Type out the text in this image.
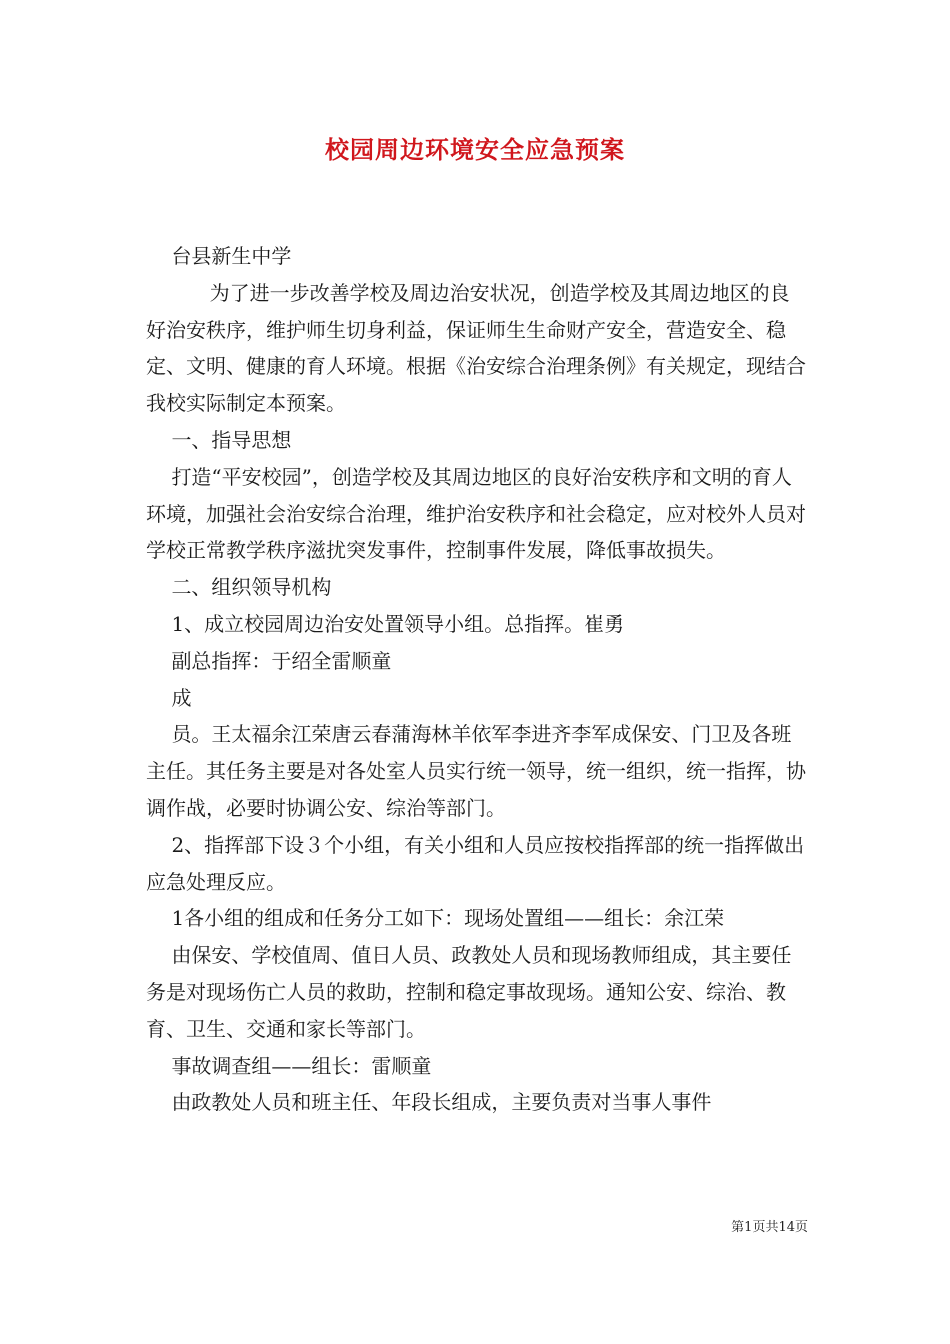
校园周边环境安全应急预案

台县新生中学

为了进一步改善学校及周边治安状况，创造学校及其周边地区的良好治安秩序，维护师生切身利益，保证师生生命财产安全，营造安全、稳定、文明、健康的育人环境。根据《治安综合治理条例》有关规定，现结合我校实际制定本预案。

一、指导思想

打造“平安校园”，创造学校及其周边地区的良好治安秩序和文明的育人环境，加强社会治安综合治理，维护治安秩序和社会稳定，应对校外人员对学校正常教学秩序滋扰突发事件，控制事件发展，降低事故损失。

二、组织领导机构

1、成立校园周边治安处置领导小组。总指挥。崔勇

副总指挥：于绍全雷顺童

成

员。王太福余江荣唐云春蒲海林羊依军李进齐李军成保安、门卫及各班主任。其任务主要是对各处室人员实行统一领导，统一组织，统一指挥，协调作战，必要时协调公安、综治等部门。

2、指挥部下设３个小组，有关小组和人员应按校指挥部的统一指挥做出应急处理反应。

1各小组的组成和任务分工如下：现场处置组——组长：余江荣

由保安、学校值周、值日人员、政教处人员和现场教师组成，其主要任务是对现场伤亡人员的救助，控制和稳定事故现场。通知公安、综治、教育、卫生、交通和家长等部门。

事故调查组——组长：雷顺童

由政教处人员和班主任、年段长组成，主要负责对当事人事件

第1页共14页
